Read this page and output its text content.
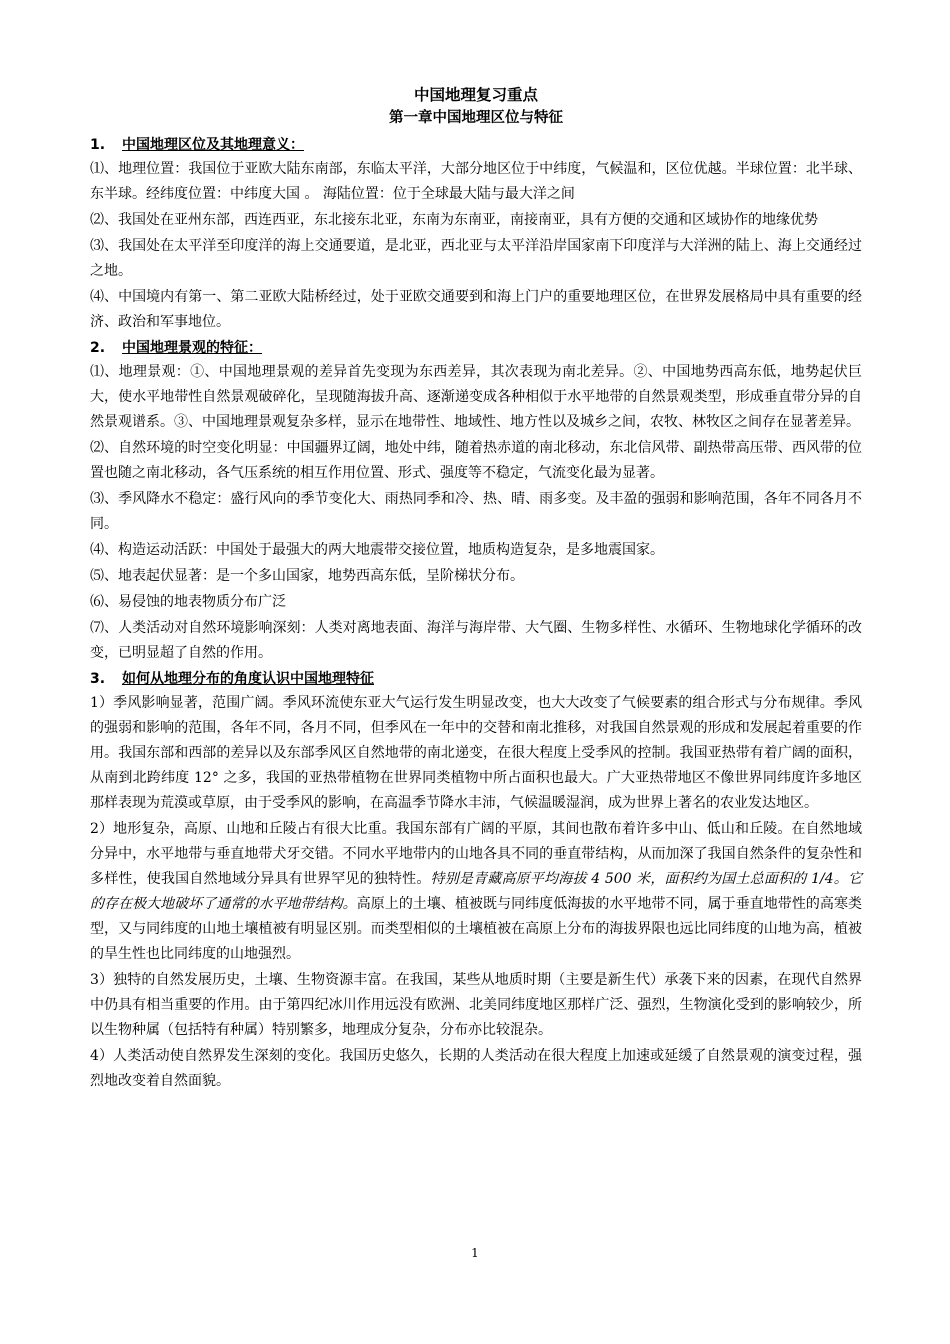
中国地理复习重点
第一章中国地理区位与特征
1. 中国地理区位及其地理意义：

⑴、地理位置：我国位于亚欧大陆东南部，东临太平洋，大部分地区位于中纬度，气候温和，区位优越。半球位置：北半球、东半球。经纬度位置：中纬度大国 。 海陆位置：位于全球最大陆与最大洋之间

⑵、我国处在亚州东部，西连西亚，东北接东北亚，东南为东南亚，南接南亚，具有方便的交通和区域协作的地缘优势

⑶、我国处在太平洋至印度洋的海上交通要道，是北亚，西北亚与太平洋沿岸国家南下印度洋与大洋洲的陆上、海上交通经过之地。

⑷、中国境内有第一、第二亚欧大陆桥经过，处于亚欧交通要到和海上门户的重要地理区位，在世界发展格局中具有重要的经济、政治和军事地位。

2. 中国地理景观的特征：

⑴、地理景观：①、中国地理景观的差异首先变现为东西差异，其次表现为南北差异。②、中国地势西高东低，地势起伏巨大，使水平地带性自然景观破碎化，呈现随海拔升高、逐渐递变成各种相似于水平地带的自然景观类型，形成垂直带分异的自然景观谱系。③、中国地理景观复杂多样，显示在地带性、地域性、地方性以及城乡之间，农牧、林牧区之间存在显著差异。

⑵、自然环境的时空变化明显：中国疆界辽阔，地处中纬，随着热赤道的南北移动，东北信风带、副热带高压带、西风带的位置也随之南北移动，各气压系统的相互作用位置、形式、强度等不稳定，气流变化最为显著。

⑶、季风降水不稳定：盛行风向的季节变化大、雨热同季和冷、热、晴、雨多变。及丰盈的强弱和影响范围，各年不同各月不同。

⑷、构造运动活跃：中国处于最强大的两大地震带交接位置，地质构造复杂，是多地震国家。

⑸、地表起伏显著：是一个多山国家，地势西高东低，呈阶梯状分布。

⑹、易侵蚀的地表物质分布广泛

⑺、人类活动对自然环境影响深刻：人类对离地表面、海洋与海岸带、大气圈、生物多样性、水循环、生物地球化学循环的改变，已明显超了自然的作用。

3. 如何从地理分布的角度认识中国地理特征

1）季风影响显著，范围广阔。季风环流使东亚大气运行发生明显改变，也大大改变了气候要素的组合形式与分布规律。季风的强弱和影响的范围，各年不同，各月不同，但季风在一年中的交替和南北推移，对我国自然景观的形成和发展起着重要的作用。我国东部和西部的差异以及东部季风区自然地带的南北递变，在很大程度上受季风的控制。我国亚热带有着广阔的面积，从南到北跨纬度 12° 之多，我国的亚热带植物在世界同类植物中所占面积也最大。广大亚热带地区不像世界同纬度许多地区那样表现为荒漠或草原，由于受季风的影响，在高温季节降水丰沛，气候温暖湿润，成为世界上著名的农业发达地区。

2）地形复杂，高原、山地和丘陵占有很大比重。我国东部有广阔的平原，其间也散布着许多中山、低山和丘陵。在自然地域分异中，水平地带与垂直地带犬牙交错。不同水平地带内的山地各具不同的垂直带结构，从而加深了我国自然条件的复杂性和多样性，使我国自然地域分异具有世界罕见的独特性。特别是青藏高原平均海拔 4 500 米，面积约为国土总面积的 1/4。它的存在极大地破坏了通常的水平地带结构。高原上的土壤、植被既与同纬度低海拔的水平地带不同，属于垂直地带性的高寒类型，又与同纬度的山地土壤植被有明显区别。而类型相似的土壤植被在高原上分布的海拔界限也远比同纬度的山地为高，植被的旱生性也比同纬度的山地强烈。

3）独特的自然发展历史，土壤、生物资源丰富。在我国，某些从地质时期（主要是新生代）承袭下来的因素，在现代自然界中仍具有相当重要的作用。由于第四纪冰川作用远没有欧洲、北美同纬度地区那样广泛、强烈，生物演化受到的影响较少，所以生物种属（包括特有种属）特别繁多，地理成分复杂，分布亦比较混杂。

4）人类活动使自然界发生深刻的变化。我国历史悠久，长期的人类活动在很大程度上加速或延缓了自然景观的演变过程，强烈地改变着自然面貌。

1
